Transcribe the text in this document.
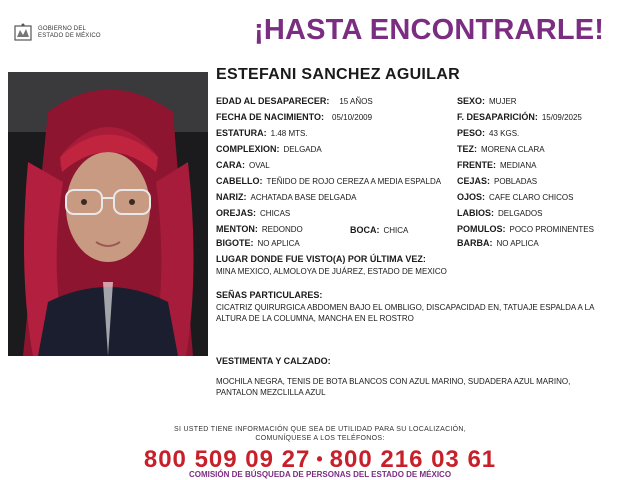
GOBIERNO DEL
ESTADO DE MÉXICO	¡HASTA ENCONTRARLE!
ESTEFANI SANCHEZ AGUILAR
EDAD AL DESAPARECER: 15 AÑOS
FECHA DE NACIMIENTO: 05/10/2009
ESTATURA: 1.48 MTS.
COMPLEXION: DELGADA
CARA: OVAL
CABELLO: TEÑIDO DE ROJO CEREZA A MEDIA ESPALDA
NARIZ: ACHATADA BASE DELGADA
OREJAS: CHICAS
MENTON: REDONDO	BOCA: CHICA
BIGOTE: NO APLICA
SEXO: MUJER
F. DESAPARICIÓN: 15/09/2025
PESO: 43 KGS.
TEZ: MORENA CLARA
FRENTE: MEDIANA
CEJAS: POBLADAS
OJOS: CAFE CLARO CHICOS
LABIOS: DELGADOS
POMULOS: POCO PROMINENTES
BARBA: NO APLICA
LUGAR DONDE FUE VISTO(A) POR ÚLTIMA VEZ:
MINA MEXICO, ALMOLOYA DE JUÁREZ, ESTADO DE MEXICO
SEÑAS PARTICULARES:
CICATRIZ QUIRURGICA ABDOMEN BAJO EL OMBLIGO, DISCAPACIDAD EN, TATUAJE ESPALDA A LA ALTURA DE LA COLUMNA, MANCHA EN EL ROSTRO
VESTIMENTA Y CALZADO:
MOCHILA NEGRA, TENIS DE BOTA BLANCOS CON AZUL MARINO, SUDADERA AZUL MARINO, PANTALON MEZCLILLA AZUL
SI USTED TIENE INFORMACIÓN QUE SEA DE UTILIDAD PARA SU LOCALIZACIÓN,
COMUNÍQUESE A LOS TELÉFONOS:
800 509 09 27 • 800 216 03 61
COMISIÓN DE BÚSQUEDA DE PERSONAS DEL ESTADO DE MÉXICO
